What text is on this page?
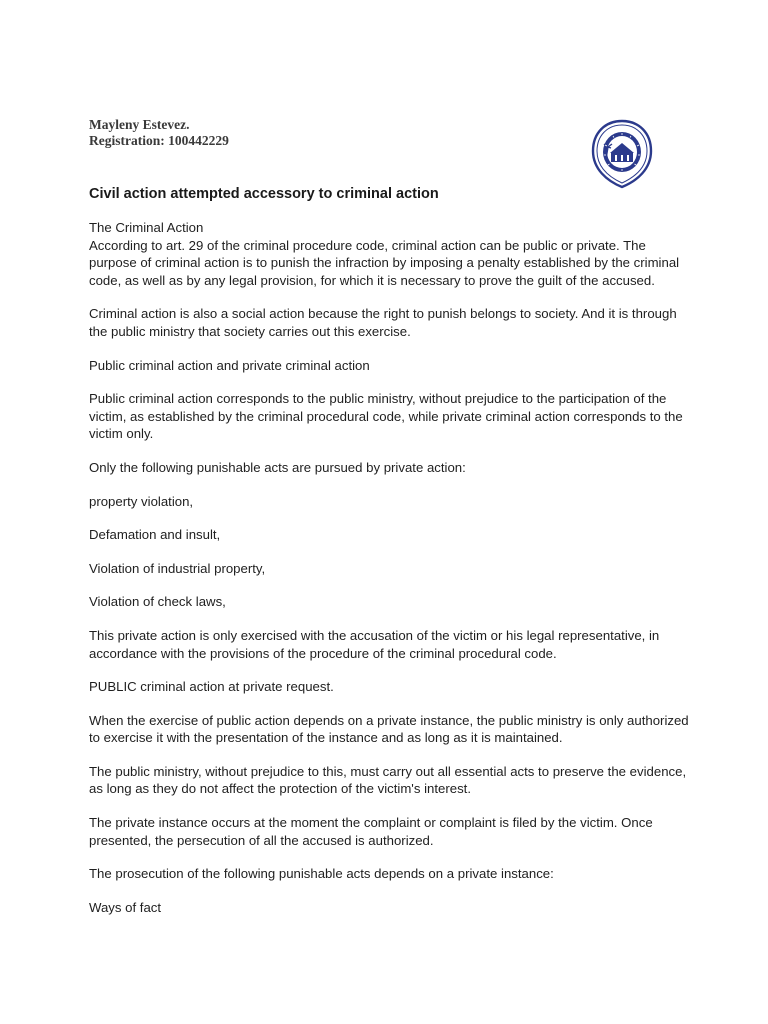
Mayleny Estevez.
Registration: 100442229
Civil action attempted accessory to criminal action

The Criminal Action

According to art. 29 of the criminal procedure code, criminal action can be public or private. The purpose of criminal action is to punish the infraction by imposing a penalty established by the criminal code, as well as by any legal provision, for which it is necessary to prove the guilt of the accused.

Criminal action is also a social action because the right to punish belongs to society. And it is through the public ministry that society carries out this exercise.

Public criminal action and private criminal action

Public criminal action corresponds to the public ministry, without prejudice to the participation of the victim, as established by the criminal procedural code, while private criminal action corresponds to the victim only.

Only the following punishable acts are pursued by private action:

property violation,

Defamation and insult,

Violation of industrial property,

Violation of check laws,

This private action is only exercised with the accusation of the victim or his legal representative, in accordance with the provisions of the procedure of the criminal procedural code.

PUBLIC criminal action at private request.

When the exercise of public action depends on a private instance, the public ministry is only authorized to exercise it with the presentation of the instance and as long as it is maintained.

The public ministry, without prejudice to this, must carry out all essential acts to preserve the evidence, as long as they do not affect the protection of the victim's interest.

The private instance occurs at the moment the complaint or complaint is filed by the victim. Once presented, the persecution of all the accused is authorized.

The prosecution of the following punishable acts depends on a private instance:

Ways of fact
